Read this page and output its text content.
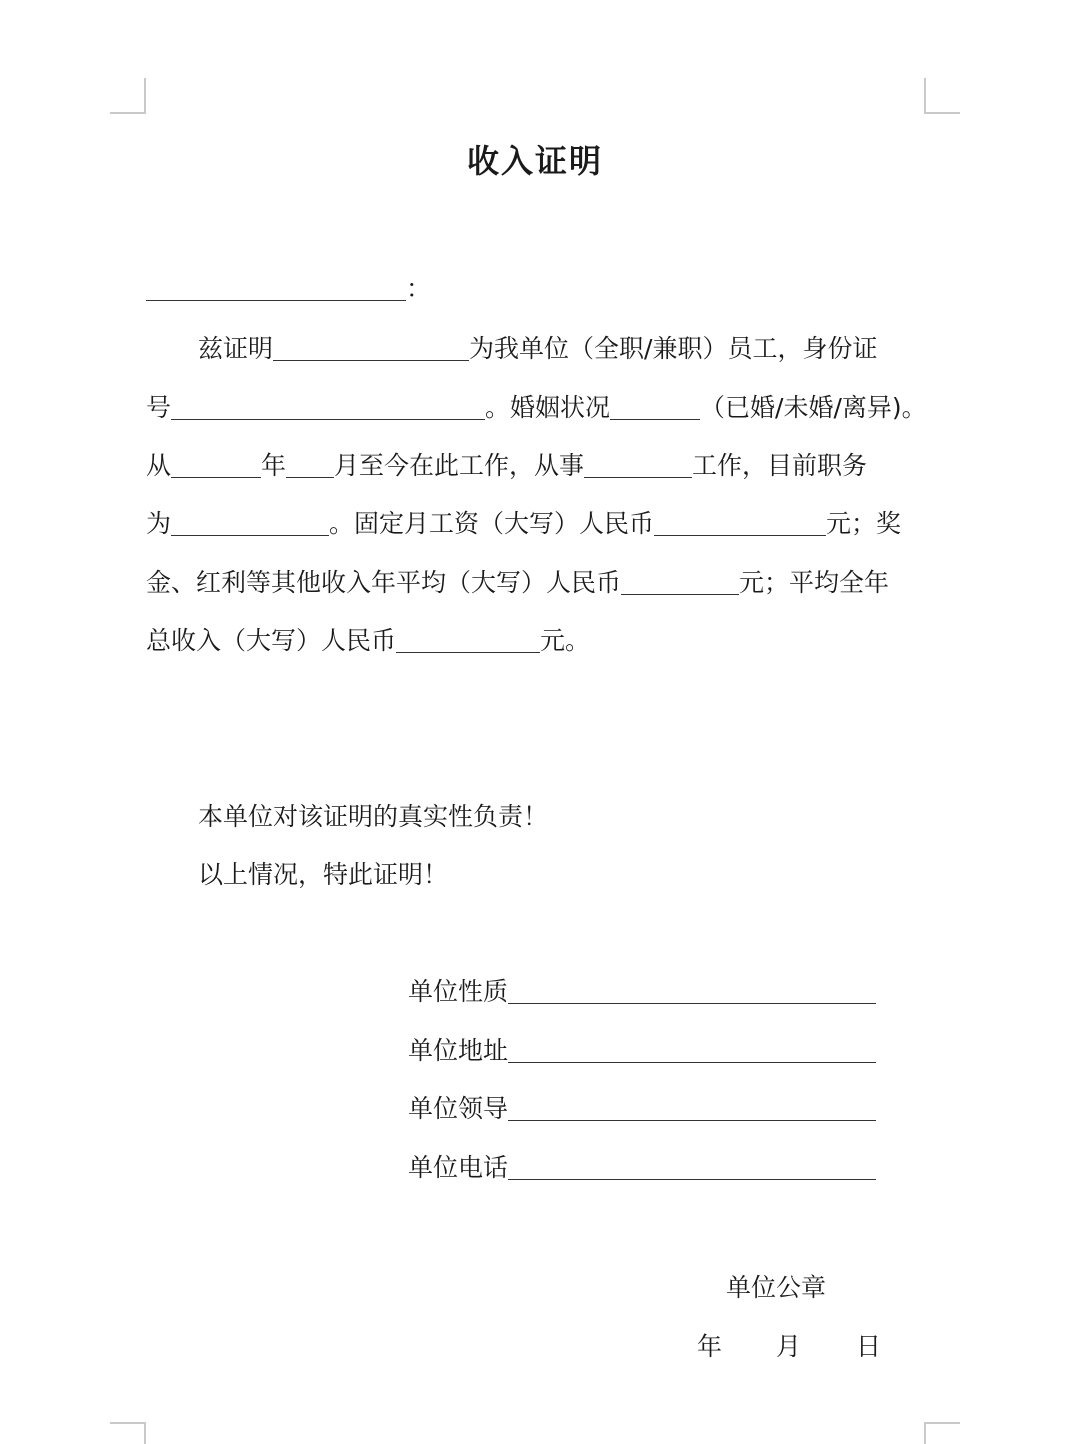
收入证明
：
兹证明	为我单位（全职/兼职）员工，身份证
号	。婚姻状况	（已婚/未婚/离异)。
从	年 月至今在此工作，从事	工作，目前职务
为	。固定月工资（大写）人民币	元；奖
金、红利等其他收入年平均（大写）人民币	元；平均全年
总收入（大写）人民币	元。
本单位对该证明的真实性负责！
以上情况，特此证明！
单位性质
单位地址
单位领导
单位电话
单位公章
年 月 日
